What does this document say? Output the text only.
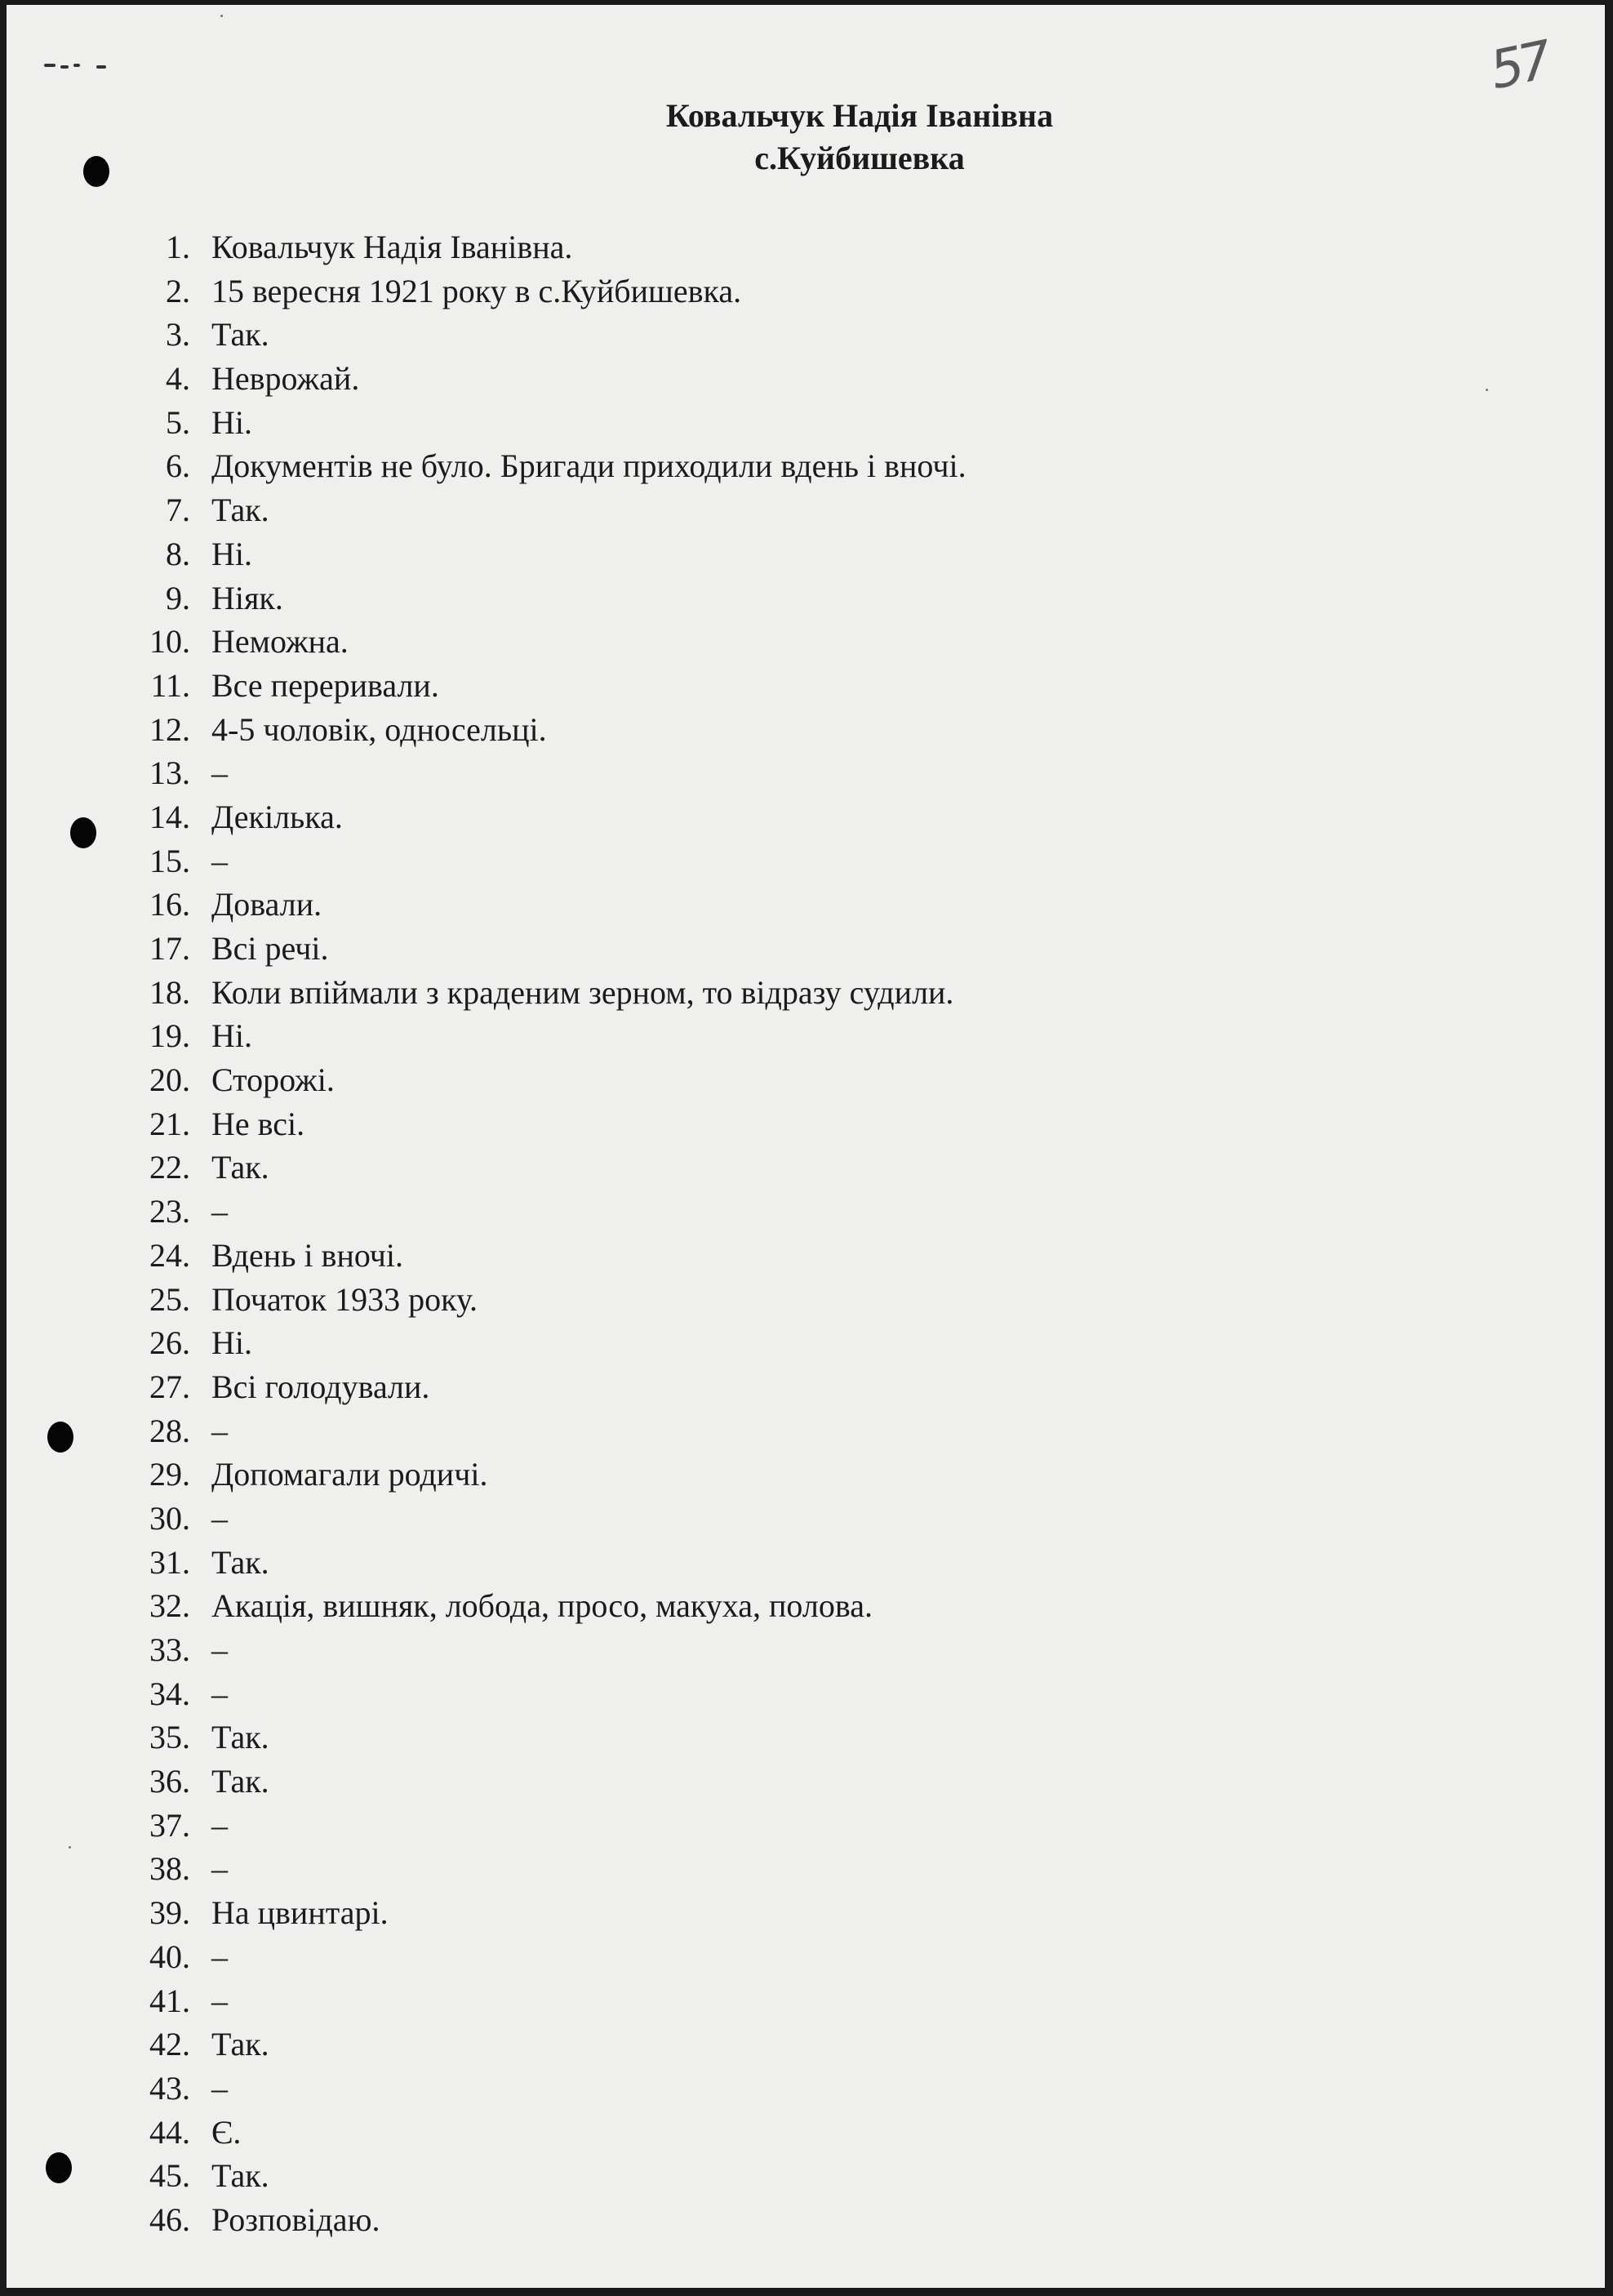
57
Ковальчук Надія Іванівна
с.Куйбишевка
1. Ковальчук Надія Іванівна.
2. 15 вересня 1921 року в с.Куйбишевка.
3. Так.
4. Неврожай.
5. Ні.
6. Документів не було. Бригади приходили вдень і вночі.
7. Так.
8. Ні.
9. Ніяк.
10. Неможна.
11. Все переривали.
12. 4-5 чоловік, односельці.
13. –
14. Декілька.
15. –
16. Довали.
17. Всі речі.
18. Коли впіймали з краденим зерном, то відразу судили.
19. Ні.
20. Сторожі.
21. Не всі.
22. Так.
23. –
24. Вдень і вночі.
25. Початок 1933 року.
26. Ні.
27. Всі голодували.
28. –
29. Допомагали родичі.
30. –
31. Так.
32. Акація, вишняк, лобода, просо, макуха, полова.
33. –
34. –
35. Так.
36. Так.
37. –
38. –
39. На цвинтарі.
40. –
41. –
42. Так.
43. –
44. Є.
45. Так.
46. Розповідаю.
